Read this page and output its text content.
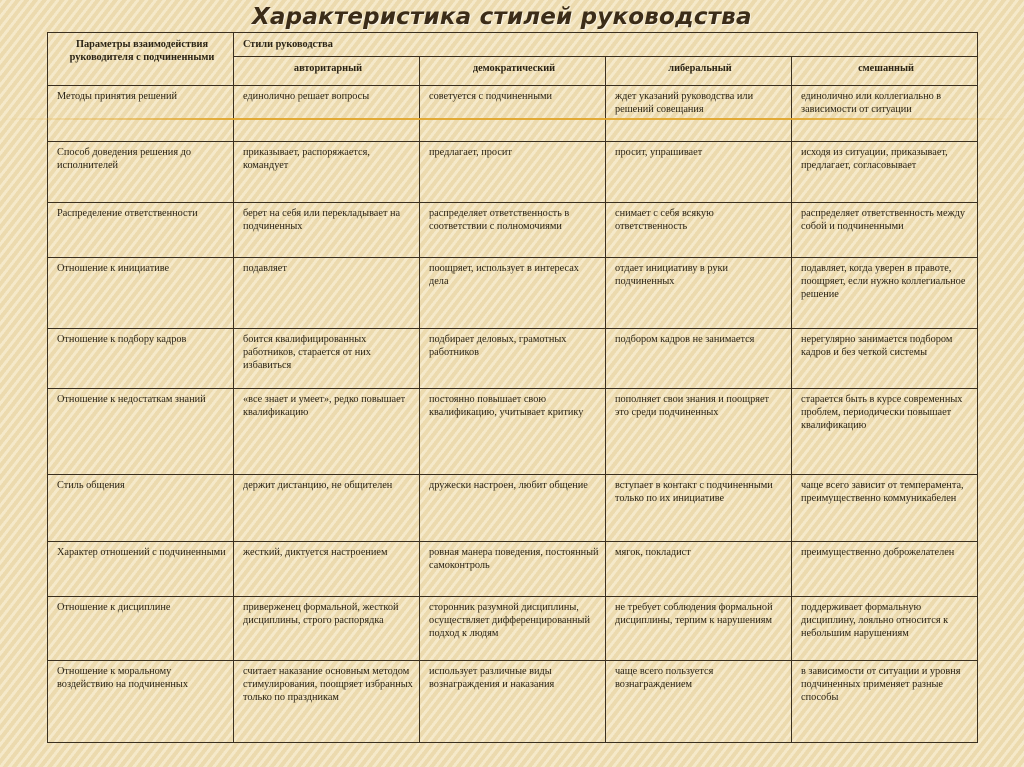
Характеристика стилей руководства
Параметры взаимодействия руководителя с подчиненными	Стили руководства			
	авторитарный	демократический	либеральный	смешанный
Методы принятия решений	единолично решает вопросы	советуется с подчиненными	ждет указаний руководства или решений совещания	единолично или коллегиально в зависимости от ситуации
Способ доведения решения до исполнителей	приказывает, распоряжается, командует	предлагает, просит	просит, упрашивает	исходя из ситуации, приказывает, предлагает, согласовывает
Распределение ответственности	берет на себя или перекладывает на подчиненных	распределяет ответственность в соответствии с полномочиями	снимает с себя всякую ответственность	распределяет ответственность между собой и подчиненными
Отношение к инициативе	подавляет	поощряет, использует в интересах дела	отдает инициативу в руки подчиненных	подавляет, когда уверен в правоте, поощряет, если нужно коллегиальное решение
Отношение к подбору кадров	боится квалифицированных работников, старается от них избавиться	подбирает деловых, грамотных работников	подбором кадров не занимается	нерегулярно занимается подбором кадров и без четкой системы
Отношение к недостаткам знаний	«все знает и умеет», редко повышает квалификацию	постоянно повышает свою квалификацию, учитывает критику	пополняет свои знания и поощряет это среди подчиненных	старается быть в курсе современных проблем, периодически повышает квалификацию
Стиль общения	держит дистанцию, не общителен	дружески настроен, любит общение	вступает в контакт с подчиненными только по их инициативе	чаще всего зависит от темперамента, преимущественно коммуникабелен
Характер отношений с подчиненными	жесткий, диктуется настроением	ровная манера поведения, постоянный самоконтроль	мягок, покладист	преимущественно доброжелателен
Отношение к дисциплине	приверженец формальной, жесткой дисциплины, строго распорядка	сторонник разумной дисциплины, осуществляет дифференцированный подход к людям	не требует соблюдения формальной дисциплины, терпим к нарушениям	поддерживает формальную дисциплину, лояльно относится к небольшим нарушениям
Отношение к моральному воздействию на подчиненных	считает наказание основным методом стимулирования, поощряет избранных только по праздникам	использует различные виды вознаграждения и наказания	чаще всего пользуется вознаграждением	в зависимости от ситуации и уровня подчиненных применяет разные способы
